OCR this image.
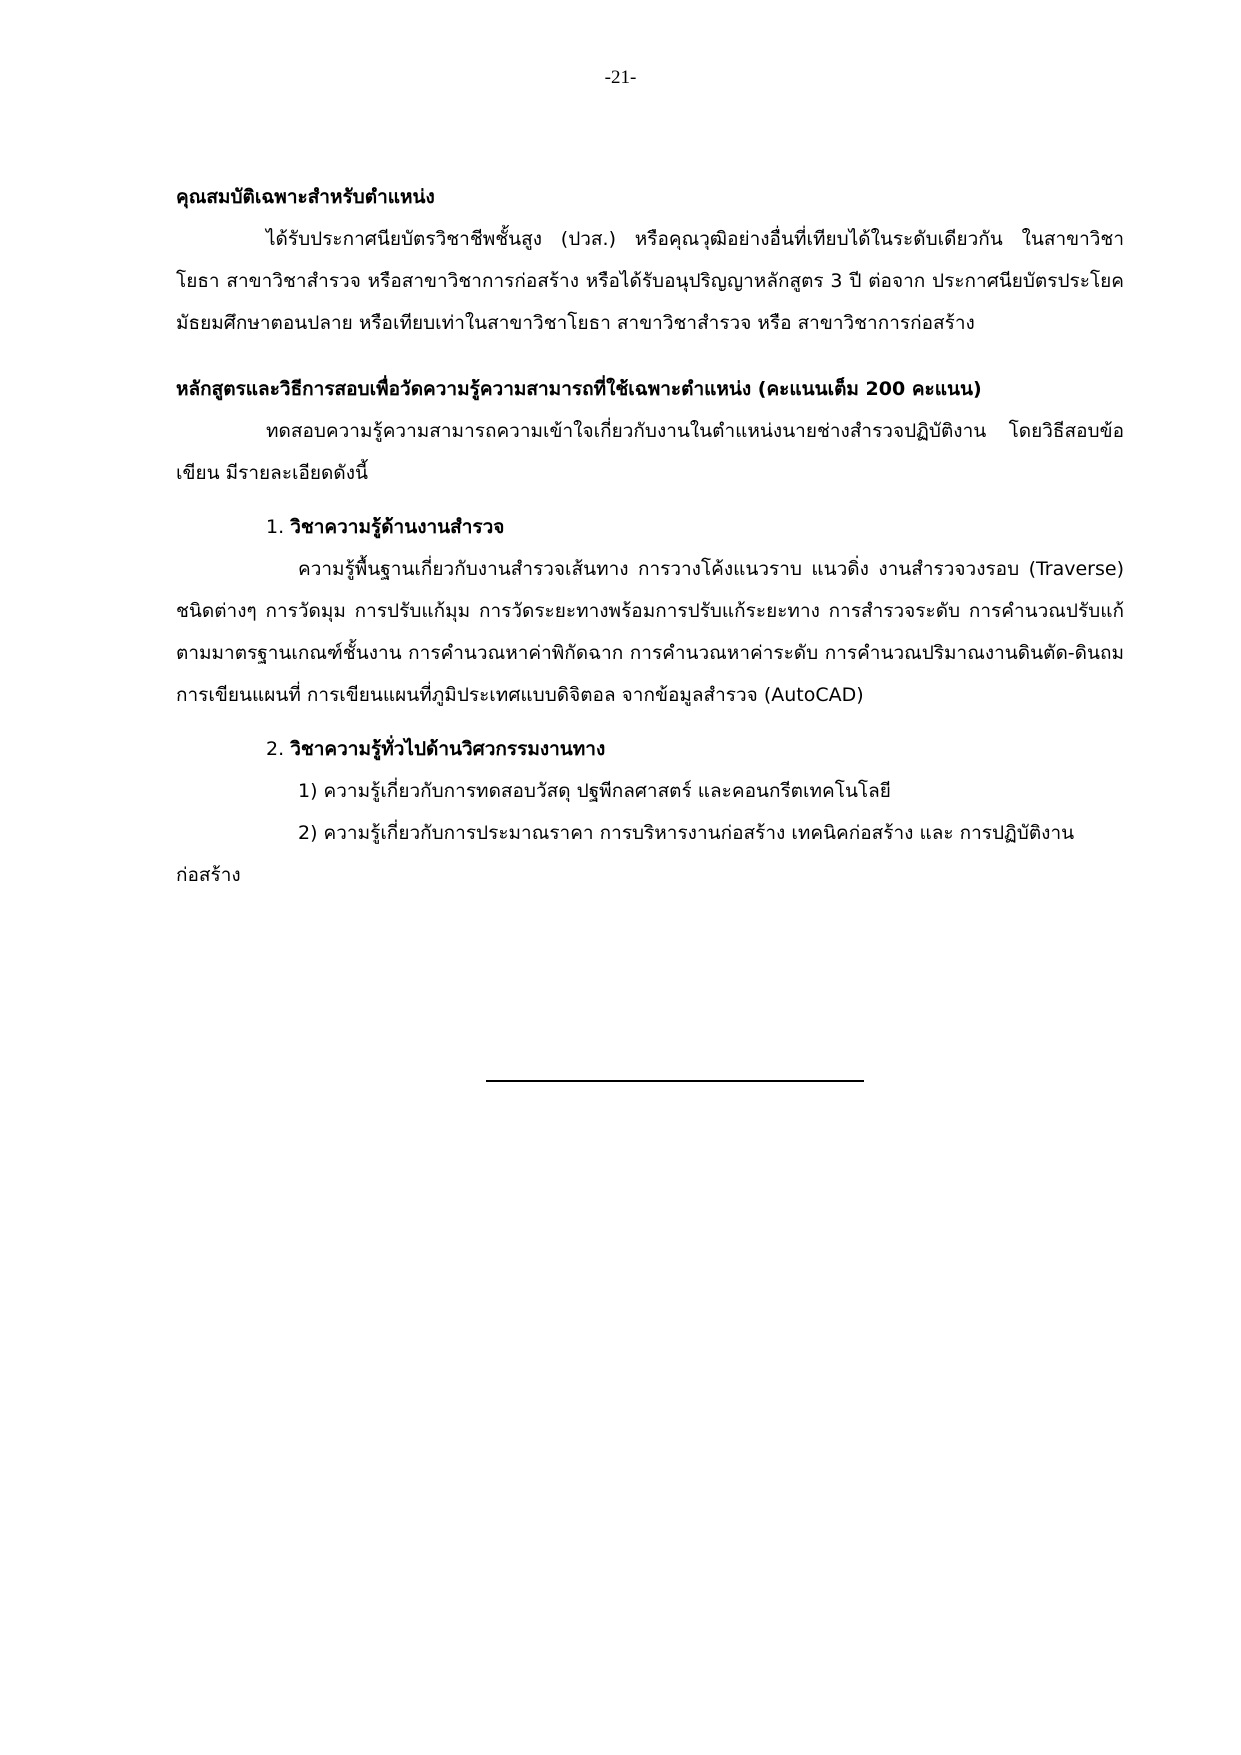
-21-

คุณสมบัติเฉพาะสำหรับตำแหน่ง

ได้รับประกาศนียบัตรวิชาชีพชั้นสูง (ปวส.) หรือคุณวุฒิอย่างอื่นที่เทียบได้ในระดับเดียวกัน ในสาขาวิชาโยธา สาขาวิชาสำรวจ หรือสาขาวิชาการก่อสร้าง หรือได้รับอนุปริญญาหลักสูตร 3 ปี ต่อจาก ประกาศนียบัตรประโยคมัธยมศึกษาตอนปลาย หรือเทียบเท่าในสาขาวิชาโยธา สาขาวิชาสำรวจ หรือ สาขาวิชาการก่อสร้าง

หลักสูตรและวิธีการสอบเพื่อวัดความรู้ความสามารถที่ใช้เฉพาะตำแหน่ง (คะแนนเต็ม 200 คะแนน)

ทดสอบความรู้ความสามารถความเข้าใจเกี่ยวกับงานในตำแหน่งนายช่างสำรวจปฏิบัติงาน โดยวิธีสอบข้อเขียน มีรายละเอียดดังนี้

1. วิชาความรู้ด้านงานสำรวจ

ความรู้พื้นฐานเกี่ยวกับงานสำรวจเส้นทาง การวางโค้งแนวราบ แนวดิ่ง งานสำรวจวงรอบ (Traverse) ชนิดต่างๆ การวัดมุม การปรับแก้มุม การวัดระยะทางพร้อมการปรับแก้ระยะทาง การสำรวจระดับ การคำนวณปรับแก้ตามมาตรฐานเกณฑ์ชั้นงาน การคำนวณหาค่าพิกัดฉาก การคำนวณหาค่าระดับ การคำนวณปริมาณงานดินตัด-ดินถม การเขียนแผนที่ การเขียนแผนที่ภูมิประเทศแบบดิจิตอล จากข้อมูลสำรวจ (AutoCAD)

2. วิชาความรู้ทั่วไปด้านวิศวกรรมงานทาง

1) ความรู้เกี่ยวกับการทดสอบวัสดุ ปฐพีกลศาสตร์ และคอนกรีตเทคโนโลยี

2) ความรู้เกี่ยวกับการประมาณราคา การบริหารงานก่อสร้าง เทคนิคก่อสร้าง และ การปฏิบัติงานก่อสร้าง
